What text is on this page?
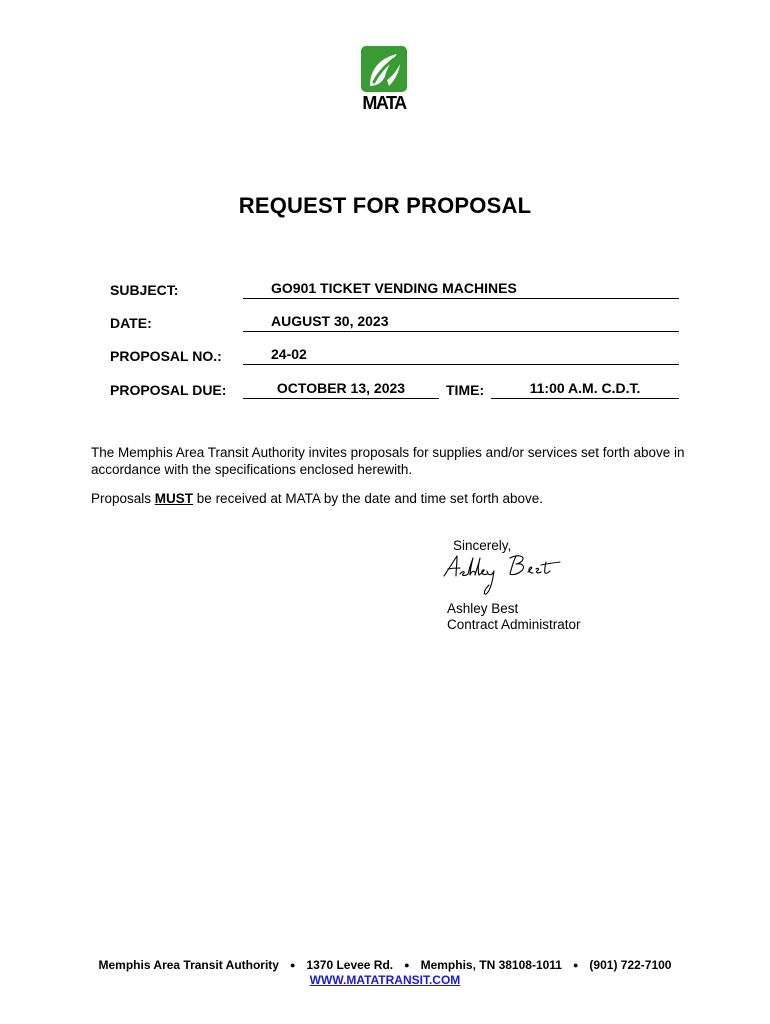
MATA
REQUEST FOR PROPOSAL
SUBJECT:	GO901 TICKET VENDING MACHINES
DATE:	AUGUST 30, 2023
PROPOSAL NO.:	24-02
PROPOSAL DUE:	OCTOBER 13, 2023	TIME:	11:00 A.M. C.D.T.
The Memphis Area Transit Authority invites proposals for supplies and/or services set forth above in accordance with the specifications enclosed herewith.
Proposals MUST be received at MATA by the date and time set forth above.
Sincerely,
Ashley Best
Contract Administrator
Memphis Area Transit Authority ● 1370 Levee Rd. ● Memphis, TN 38108-1011 ● (901) 722-7100
WWW.MATATRANSIT.COM
